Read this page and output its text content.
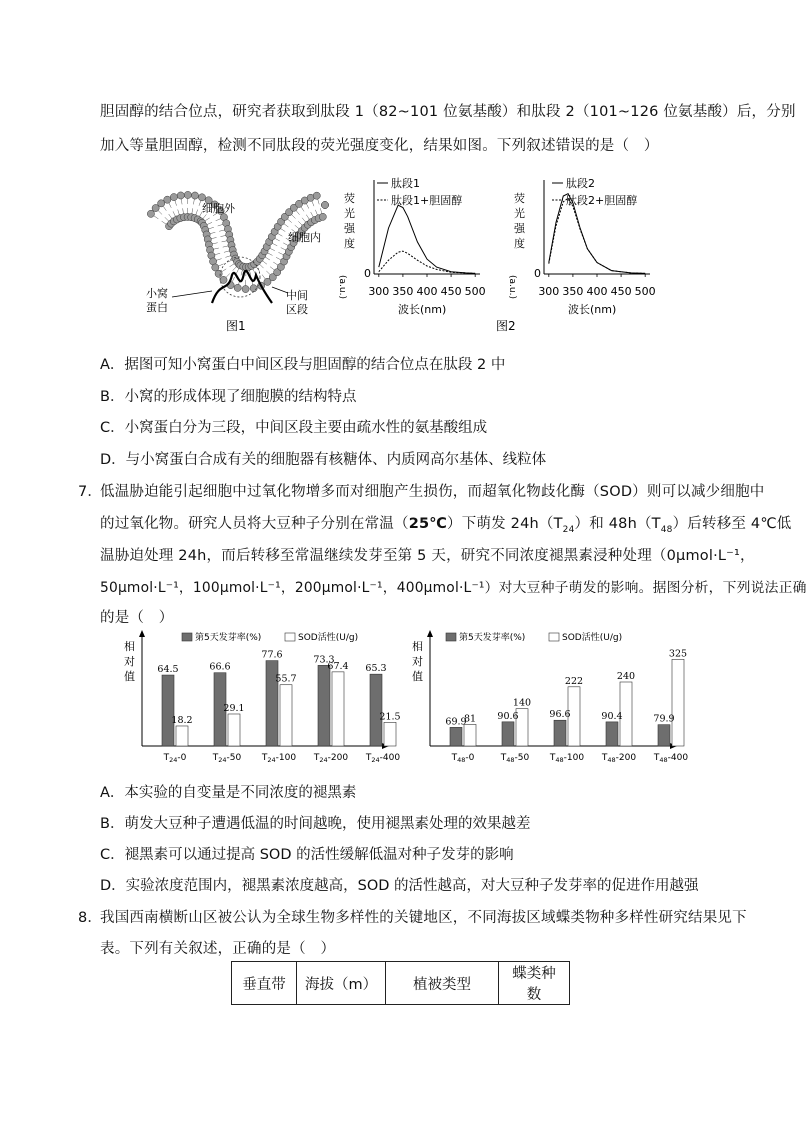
胆固醇的结合位点，研究者获取到肽段 1（82~101 位氨基酸）和肽段 2（101~126 位氨基酸）后，分别
加入等量胆固醇，检测不同肽段的荧光强度变化，结果如图。下列叙述错误的是（　）
细胞外
细胞内
小窝
蛋白
中间
区段
图1
荧
光
强
度
(a.u.)
0
300 350 400 450 500
波长(nm)
肽段1
肽段1+胆固醇	荧
光
强
度
(a.u.)
0
300 350 400 450 500
波长(nm)
肽段2
肽段2+胆固醇
图2
A．据图可知小窝蛋白中间区段与胆固醇的结合位点在肽段 2 中
B．小窝的形成体现了细胞膜的结构特点
C．小窝蛋白分为三段，中间区段主要由疏水性的氨基酸组成
D．与小窝蛋白合成有关的细胞器有核糖体、内质网高尔基体、线粒体
7．
低温胁迫能引起细胞中过氧化物增多而对细胞产生损伤，而超氧化物歧化酶（SOD）则可以减少细胞中
的过氧化物。研究人员将大豆种子分别在常温（25℃）下萌发 $24h(T_{24})$和 $48h(T_{48})$后转移至 4℃低
温胁迫处理 24h，而后转移至常温继续发芽至第 5 天，研究不同浓度褪黑素浸种处理（0μmol·L⁻¹，
50μmol·L⁻¹，100μmol·L⁻¹，200μmol·L⁻¹，400μmol·L⁻¹）对大豆种子萌发的影响。据图分析，下列说法正确
的是（　）
相
对
值
第5天发芽率(%)	SOD活性(U/g)
64.5
18.2
$T_{24}-0$
66.6
29.1
$T_{24}-50$
77.6
55.7
$T_{24}-100$
73.3
67.4
$T_{24}-200$
65.3
21.5
$T_{24}-400$
相
对
值
第5天发芽率(%)	SOD活性(U/g)
69.9
81
$T_{48}-0$
90.6
140
$T_{48}-50$
96.6
222
$T_{48}-100$
90.4
240
$T_{48}-200$
79.9
325
$T_{48}-400$
A．本实验的自变量是不同浓度的褪黑素
B．萌发大豆种子遭遇低温的时间越晚，使用褪黑素处理的效果越差
C．褪黑素可以通过提高 SOD 的活性缓解低温对种子发芽的影响
D．实验浓度范围内，褪黑素浓度越高，SOD 的活性越高，对大豆种子发芽率的促进作用越强
8．
我国西南横断山区被公认为全球生物多样性的关键地区，不同海拔区域蝶类物种多样性研究结果见下
表。下列有关叙述，正确的是（　）
垂直带	海拔（m）	植被类型	蝶类种数
